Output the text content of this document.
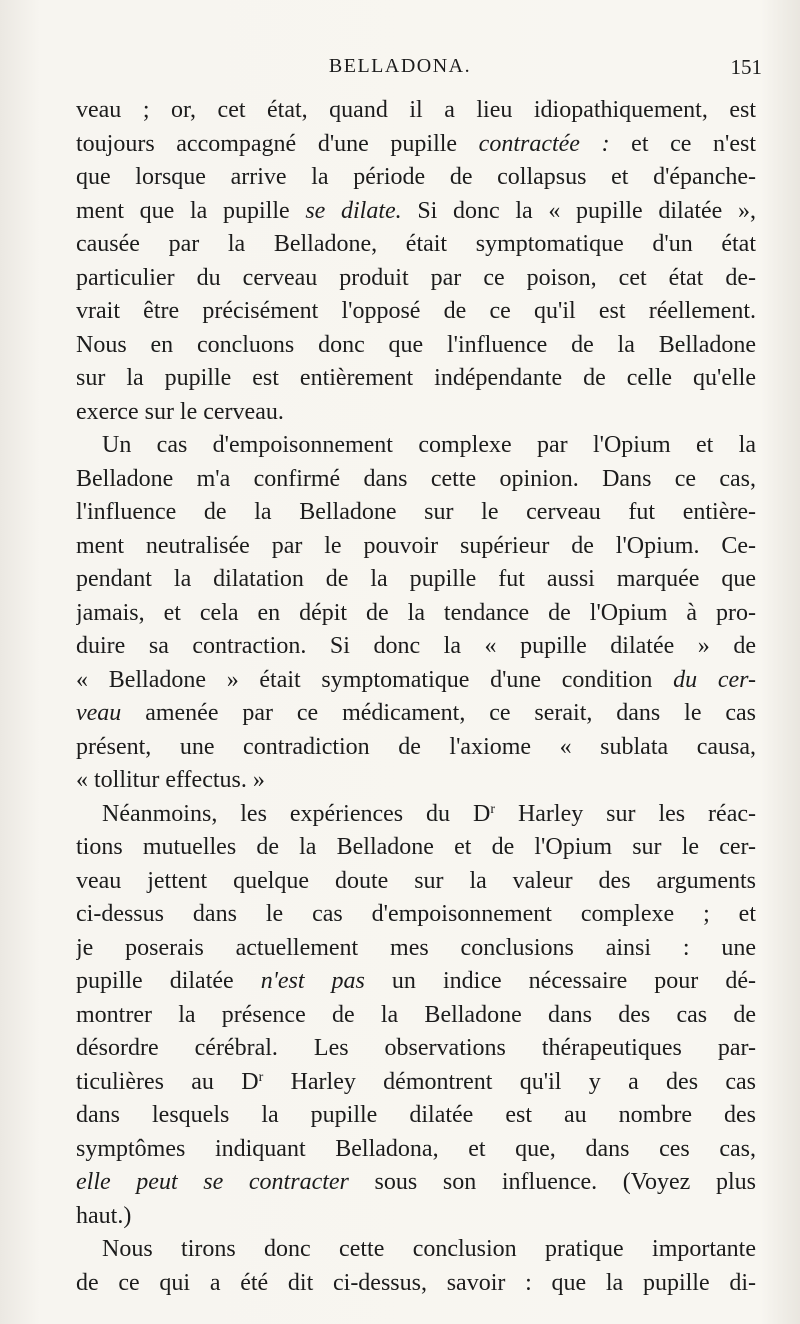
BELLADONA.	151
veau ; or, cet état, quand il a lieu idiopathiquement, est
toujours accompagné d'une pupille contractée : et ce n'est
que lorsque arrive la période de collapsus et d'épanche-
ment que la pupille se dilate. Si donc la « pupille dilatée »,
causée par la Belladone, était symptomatique d'un état
particulier du cerveau produit par ce poison, cet état de-
vrait être précisément l'opposé de ce qu'il est réellement.
Nous en concluons donc que l'influence de la Belladone
sur la pupille est entièrement indépendante de celle qu'elle
exerce sur le cerveau.
Un cas d'empoisonnement complexe par l'Opium et la
Belladone m'a confirmé dans cette opinion. Dans ce cas,
l'influence de la Belladone sur le cerveau fut entière-
ment neutralisée par le pouvoir supérieur de l'Opium. Ce-
pendant la dilatation de la pupille fut aussi marquée que
jamais, et cela en dépit de la tendance de l'Opium à pro-
duire sa contraction. Si donc la « pupille dilatée » de
« Belladone » était symptomatique d'une condition du cer-
veau amenée par ce médicament, ce serait, dans le cas
présent, une contradiction de l'axiome « sublata causa,
« tollitur effectus. »
Néanmoins, les expériences du $D^r$ Harley sur les réac-
tions mutuelles de la Belladone et de l'Opium sur le cer-
veau jettent quelque doute sur la valeur des arguments
ci-dessus dans le cas d'empoisonnement complexe ; et
je poserais actuellement mes conclusions ainsi : une
pupille dilatée n'est pas un indice nécessaire pour dé-
montrer la présence de la Belladone dans des cas de
désordre cérébral. Les observations thérapeutiques par-
ticulières au $D^r$ Harley démontrent qu'il y a des cas
dans lesquels la pupille dilatée est au nombre des
symptômes indiquant Belladona, et que, dans ces cas,
elle peut se contracter sous son influence. (Voyez plus
haut.)
Nous tirons donc cette conclusion pratique importante
de ce qui a été dit ci-dessus, savoir : que la pupille di-
